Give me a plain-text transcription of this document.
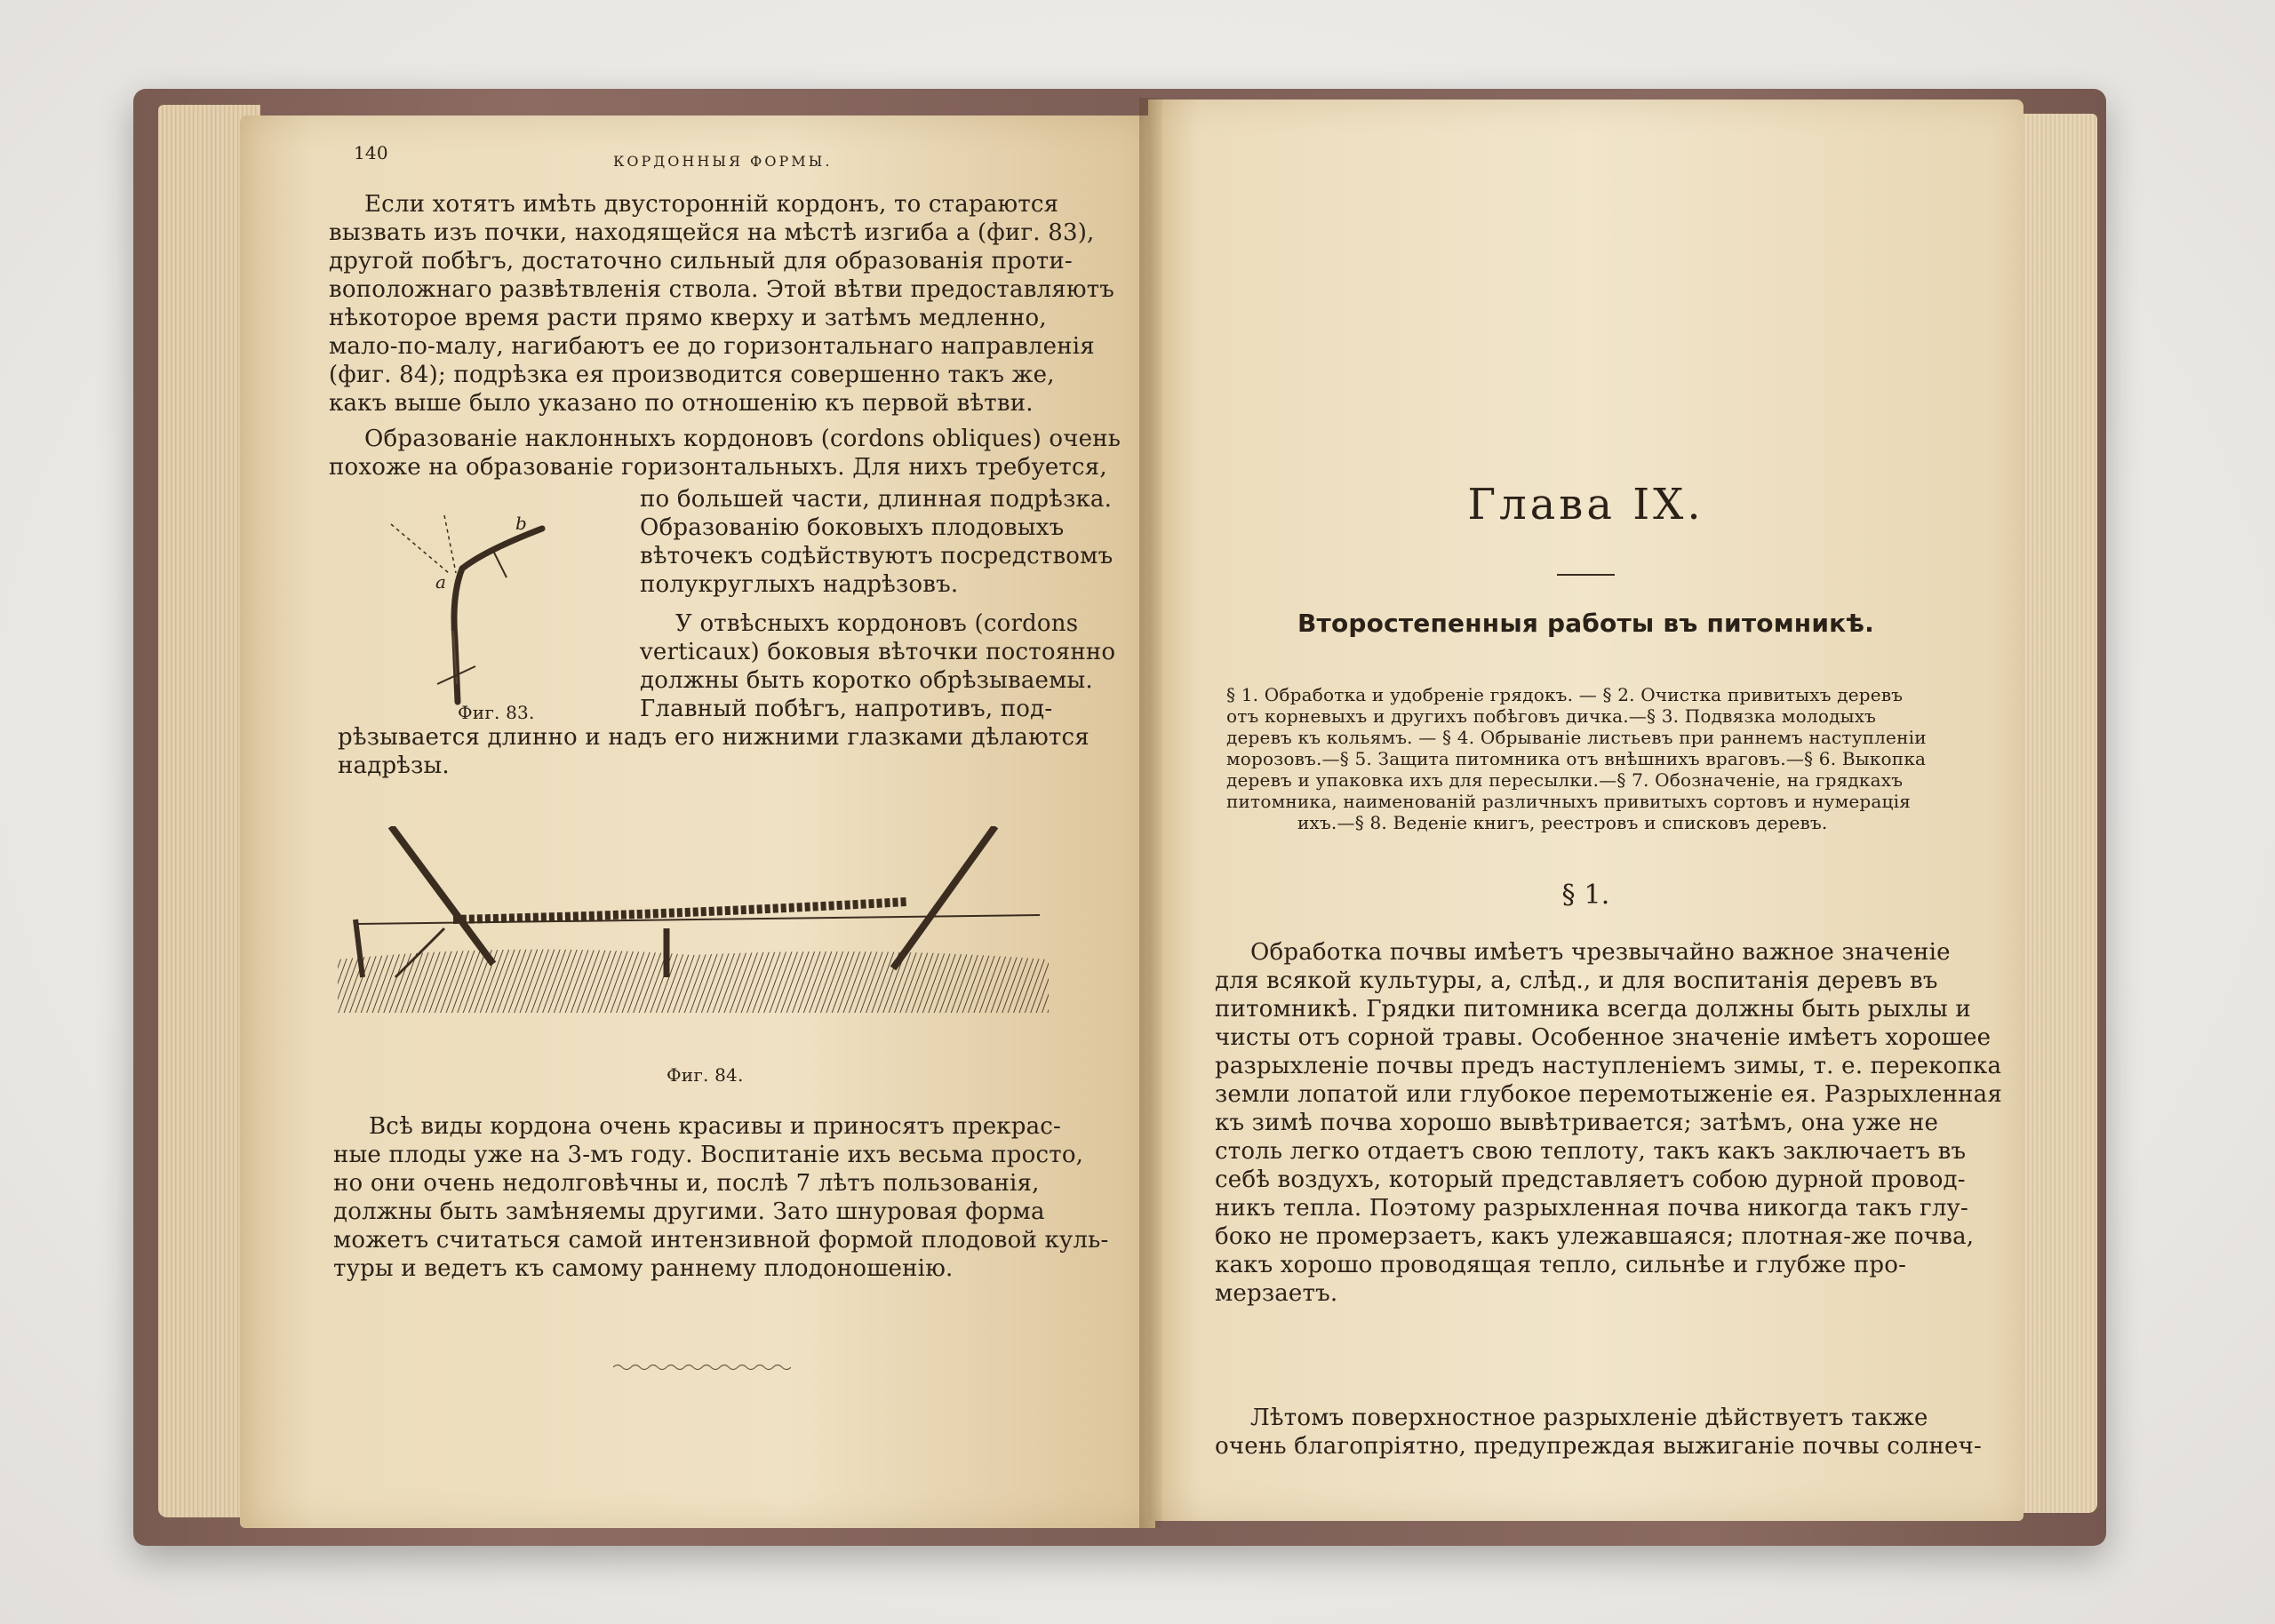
140	КОРДОННЫЯ ФОРМЫ.
Если хотятъ имѣть двусторонній кордонъ, то стараются
вызвать изъ почки, находящейся на мѣстѣ изгиба a (фиг. 83),
другой побѣгъ, достаточно сильный для образованія проти-
воположнаго развѣтвленія ствола. Этой вѣтви предоставляютъ
нѣкоторое время расти прямо кверху и затѣмъ медленно,
мало-по-малу, нагибаютъ ее до горизонтальнаго направленія
(фиг. 84); подрѣзка ея производится совершенно такъ же,
какъ выше было указано по отношенію къ первой вѣтви.
Образованіе наклонныхъ кордоновъ (cordons obliques) очень
похоже на образованіе горизонтальныхъ. Для нихъ требуется,
по большей части, длинная подрѣзка.
Образованію боковыхъ плодовыхъ
вѣточекъ содѣйствуютъ посредствомъ
полукруглыхъ надрѣзовъ.
У отвѣсныхъ кордоновъ (cordons
verticaux) боковыя вѣточки постоянно
должны быть коротко обрѣзываемы.
Главный побѣгъ, напротивъ, под-
рѣзывается длинно и надъ его нижними глазками дѣлаются
надрѣзы.
a
b
Фиг. 83.
Фиг. 84.
Всѣ виды кордона очень красивы и приносятъ прекрас-
ные плоды уже на 3-мъ году. Воспитаніе ихъ весьма просто,
но они очень недолговѣчны и, послѣ 7 лѣтъ пользованія,
должны быть замѣняемы другими. Зато шнуровая форма
можетъ считаться самой интензивной формой плодовой куль-
туры и ведетъ къ самому раннему плодоношенію.
Глава IX.
Второстепенныя работы въ питомникѣ.
§ 1. Обработка и удобреніе грядокъ. — § 2. Очистка привитыхъ деревъ
отъ корневыхъ и другихъ побѣговъ дичка.—§ 3. Подвязка молодыхъ
деревъ къ кольямъ. — § 4. Обрываніе листьевъ при раннемъ наступленіи
морозовъ.—§ 5. Защита питомника отъ внѣшнихъ враговъ.—§ 6. Выкопка
деревъ и упаковка ихъ для пересылки.—§ 7. Обозначеніе, на грядкахъ
питомника, наименованій различныхъ привитыхъ сортовъ и нумерація
ихъ.—§ 8. Веденіе книгъ, реестровъ и списковъ деревъ.
§ 1.
Обработка почвы имѣетъ чрезвычайно важное значеніе
для всякой культуры, а, слѣд., и для воспитанія деревъ въ
питомникѣ. Грядки питомника всегда должны быть рыхлы и
чисты отъ сорной травы. Особенное значеніе имѣетъ хорошее
разрыхленіе почвы предъ наступленіемъ зимы, т. е. перекопка
земли лопатой или глубокое перемотыженіе ея. Разрыхленная
къ зимѣ почва хорошо вывѣтривается; затѣмъ, она уже не
столь легко отдаетъ свою теплоту, такъ какъ заключаетъ въ
себѣ воздухъ, который представляетъ собою дурной провод-
никъ тепла. Поэтому разрыхленная почва никогда такъ глу-
боко не промерзаетъ, какъ улежавшаяся; плотная-же почва,
какъ хорошо проводящая тепло, сильнѣе и глубже про-
мерзаетъ.
Лѣтомъ поверхностное разрыхленіе дѣйствуетъ также
очень благопріятно, предупреждая выжиганіе почвы солнеч-
